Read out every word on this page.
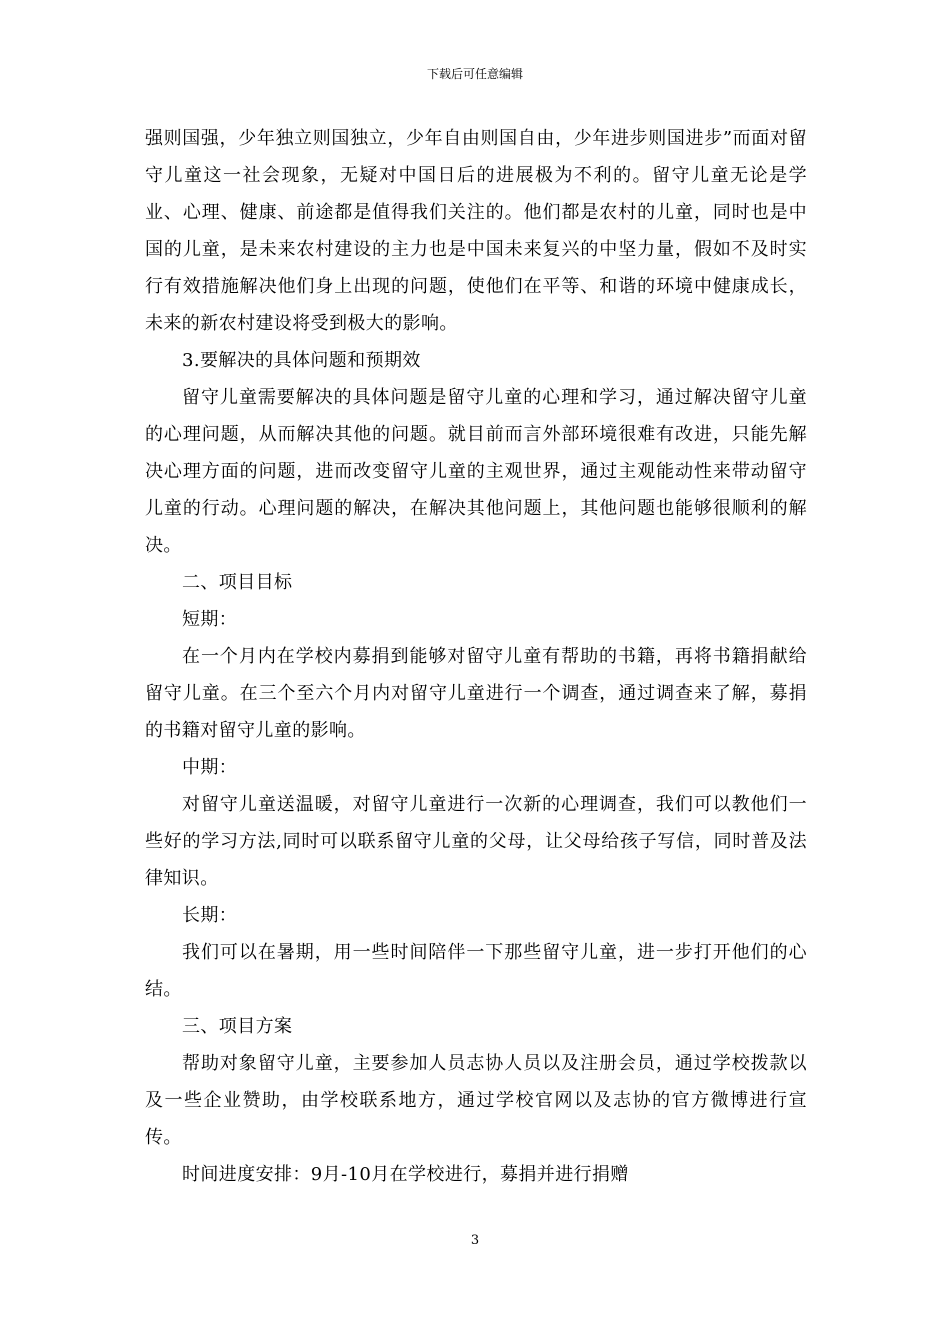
下载后可任意编辑

强则国强，少年独立则国独立，少年自由则国自由，少年进步则国进步”而面对留守儿童这一社会现象，无疑对中国日后的进展极为不利的。留守儿童无论是学业、心理、健康、前途都是值得我们关注的。他们都是农村的儿童，同时也是中国的儿童，是未来农村建设的主力也是中国未来复兴的中坚力量，假如不及时实行有效措施解决他们身上出现的问题，使他们在平等、和谐的环境中健康成长，未来的新农村建设将受到极大的影响。

3.要解决的具体问题和预期效

留守儿童需要解决的具体问题是留守儿童的心理和学习，通过解决留守儿童的心理问题，从而解决其他的问题。就目前而言外部环境很难有改进，只能先解决心理方面的问题，进而改变留守儿童的主观世界，通过主观能动性来带动留守儿童的行动。心理问题的解决，在解决其他问题上，其他问题也能够很顺利的解决。

二、项目目标

短期：

在一个月内在学校内募捐到能够对留守儿童有帮助的书籍，再将书籍捐献给留守儿童。在三个至六个月内对留守儿童进行一个调查，通过调查来了解，募捐的书籍对留守儿童的影响。

中期：

对留守儿童送温暖，对留守儿童进行一次新的心理调查，我们可以教他们一些好的学习方法,同时可以联系留守儿童的父母，让父母给孩子写信，同时普及法律知识。

长期：

我们可以在暑期，用一些时间陪伴一下那些留守儿童，进一步打开他们的心结。

三、项目方案

帮助对象留守儿童，主要参加人员志协人员以及注册会员，通过学校拨款以及一些企业赞助，由学校联系地方，通过学校官网以及志协的官方微博进行宣传。

时间进度安排：9月-10月在学校进行，募捐并进行捐赠

3
